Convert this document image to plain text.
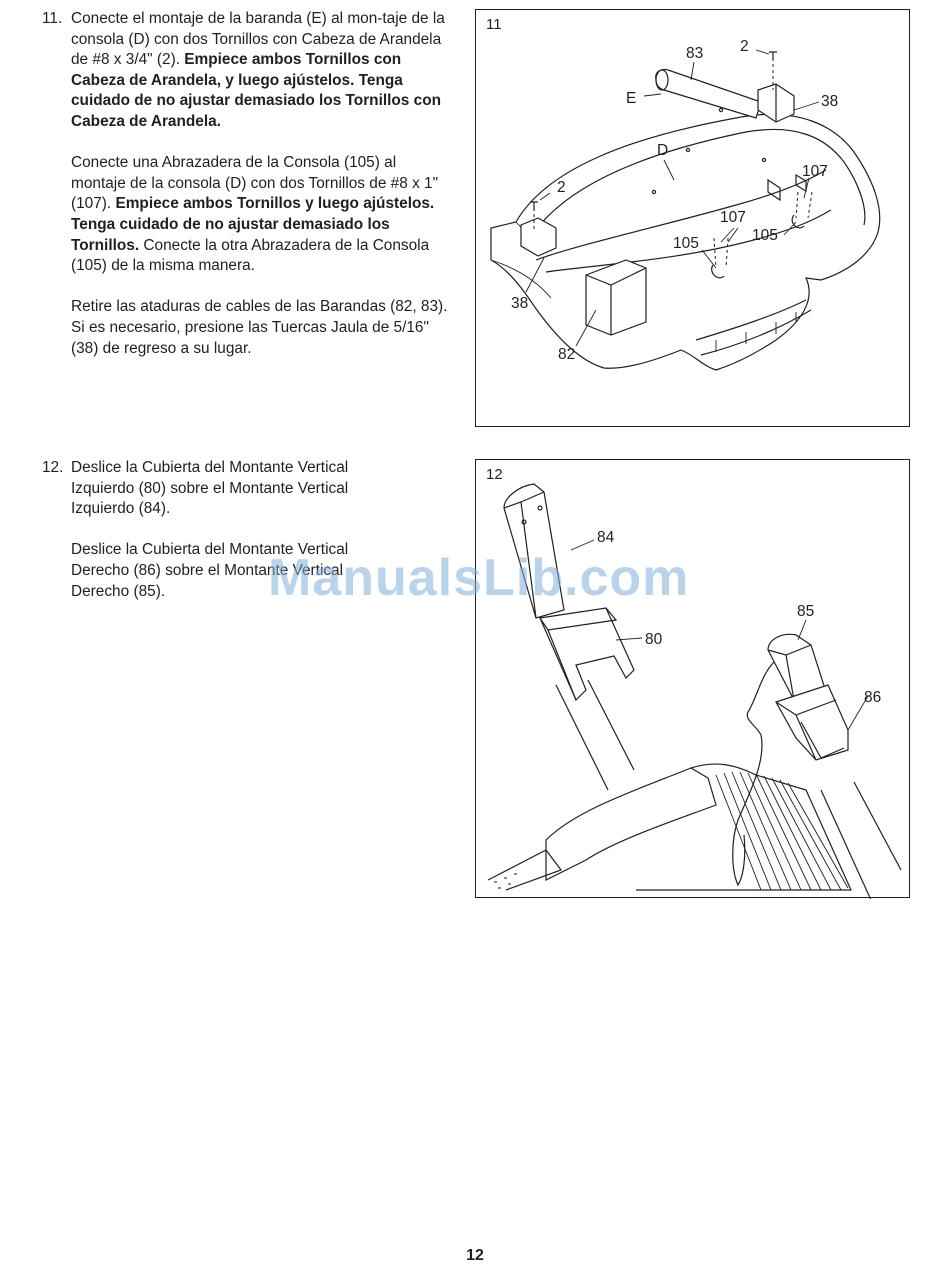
11. Conecte el montaje de la baranda (E) al mon-taje de la consola (D) con dos Tornillos con Cabeza de Arandela de #8 x 3/4" (2). Empiece ambos Tornillos con Cabeza de Arandela, y luego ajústelos. Tenga cuidado de no ajustar demasiado los Tornillos con Cabeza de Arandela.

Conecte una Abrazadera de la Consola (105) al montaje de la consola (D) con dos Tornillos de #8 x 1" (107). Empiece ambos Tornillos y luego ajústelos. Tenga cuidado de no ajustar demasiado los Tornillos. Conecte la otra Abrazadera de la Consola (105) de la misma manera.

Retire las ataduras de cables de las Barandas (82, 83). Si es necesario, presione las Tuercas Jaula de 5/16" (38) de regreso a su lugar.

12. Deslice la Cubierta del Montante Vertical Izquierdo (80) sobre el Montante Vertical Izquierdo (84).

Deslice la Cubierta del Montante Vertical Derecho (86) sobre el Montante Vertical Derecho (85).

83 2
E	38
D
2
107
107
105	105
38
82
11
84
80
85
86
12
ManualsLib.com
12
